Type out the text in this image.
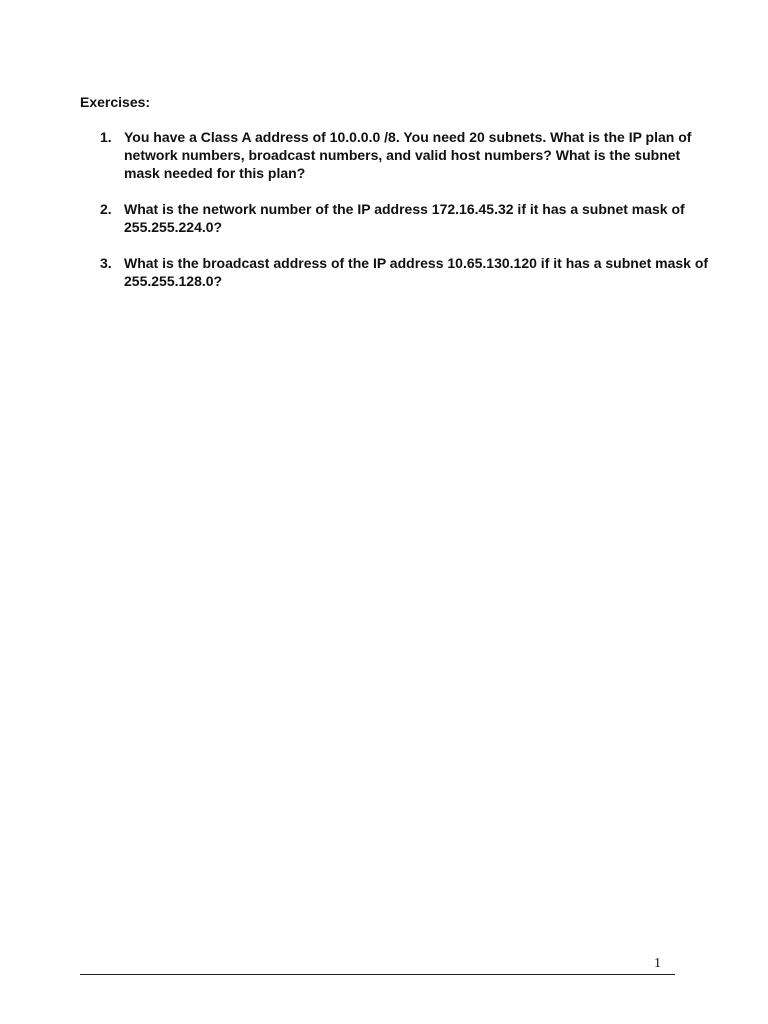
Exercises:
1. You have a Class A address of 10.0.0.0 /8. You need 20 subnets. What is the IP plan of network numbers, broadcast numbers, and valid host numbers? What is the subnet mask needed for this plan?
2. What is the network number of the IP address 172.16.45.32 if it has a subnet mask of 255.255.224.0?
3. What is the broadcast address of the IP address 10.65.130.120 if it has a subnet mask of 255.255.128.0?
1
